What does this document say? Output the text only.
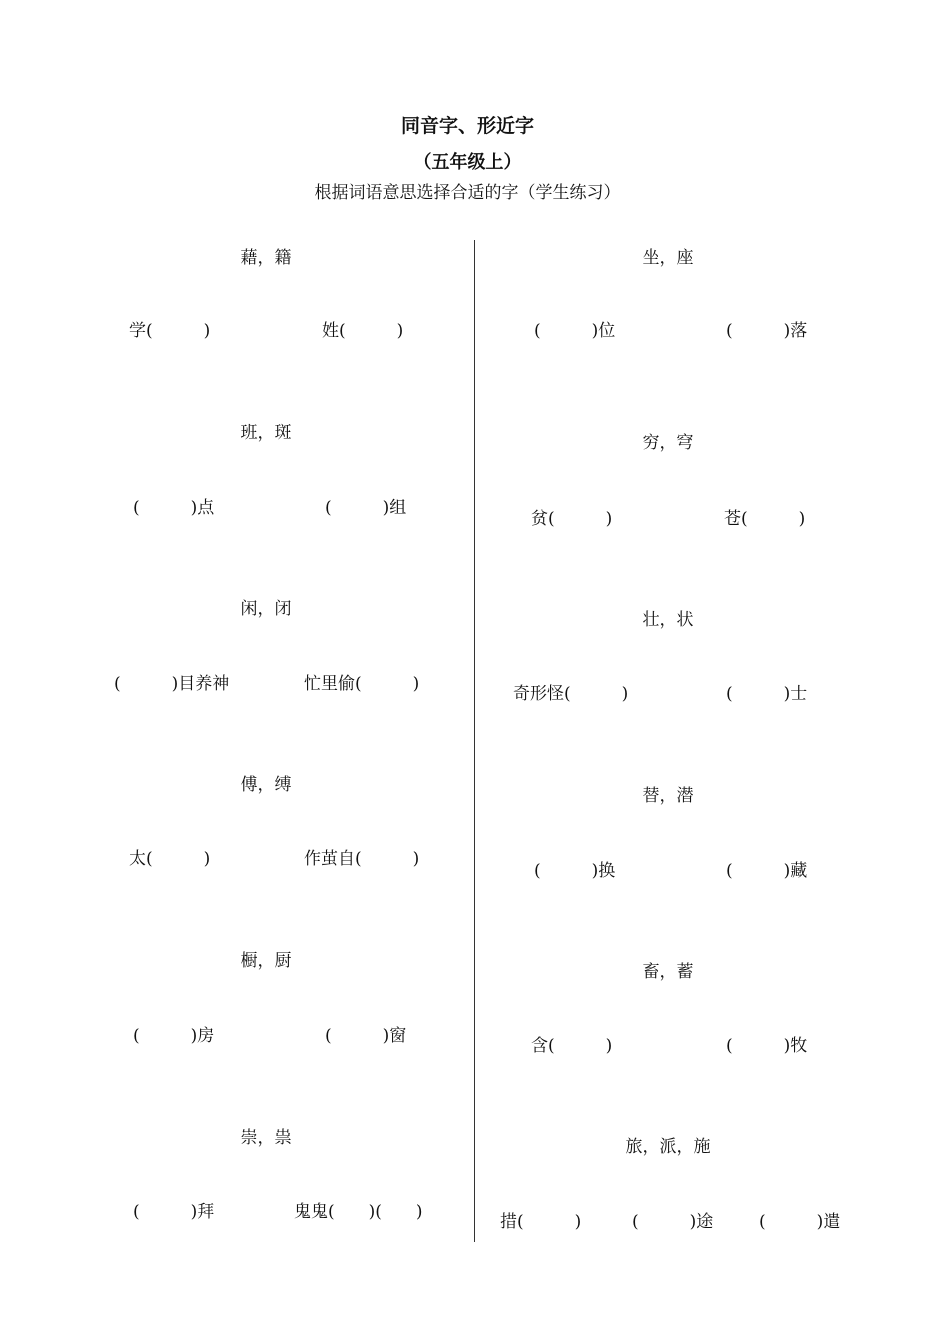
同音字、形近字
（五年级上）
根据词语意思选择合适的字（学生练习）
藉，籍
学(　　　)	姓(　　　)
班，斑
(　　　)点	(　　　)组
闲，闭
(　　　)目养神	忙里偷(　　　)
傅，缚
太(　　　)	作茧自(　　　)
橱，厨
(　　　)房	(　　　)窗
崇，祟
(　　　)拜	鬼鬼(　　)(　　)
坐，座
(　　　)位	(　　　)落
穷，穹
贫(　　　)	苍(　　　)
壮，状
奇形怪(　　　)	(　　　)士
替，潜
(　　　)换	(　　　)藏
畜，蓄
含(　　　)	(　　　)牧
旅，派，施
措(　　　)	(　　　)途	(　　　)遣
